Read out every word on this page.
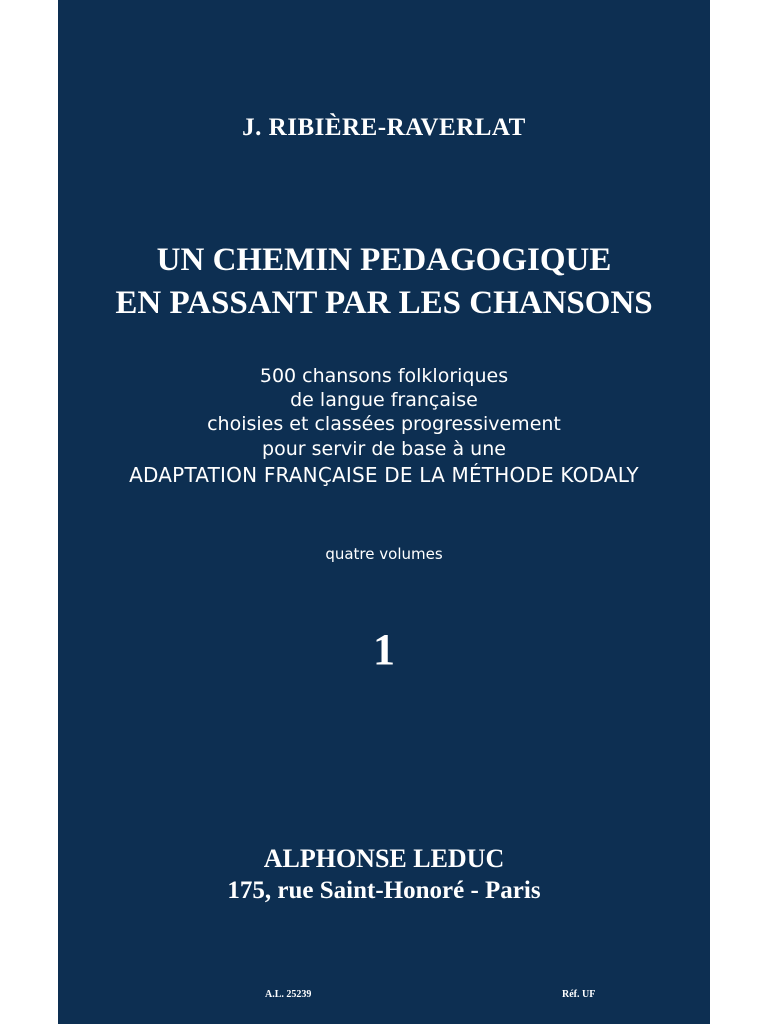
J. RIBIÈRE-RAVERLAT
UN CHEMIN PEDAGOGIQUE
EN PASSANT PAR LES CHANSONS
500 chansons folkloriques
de langue française
choisies et classées progressivement
pour servir de base à une
ADAPTATION FRANÇAISE DE LA MÉTHODE KODALY
quatre volumes
1
ALPHONSE LEDUC
175, rue Saint-Honoré - Paris
A.L. 25239	Réf. UF
